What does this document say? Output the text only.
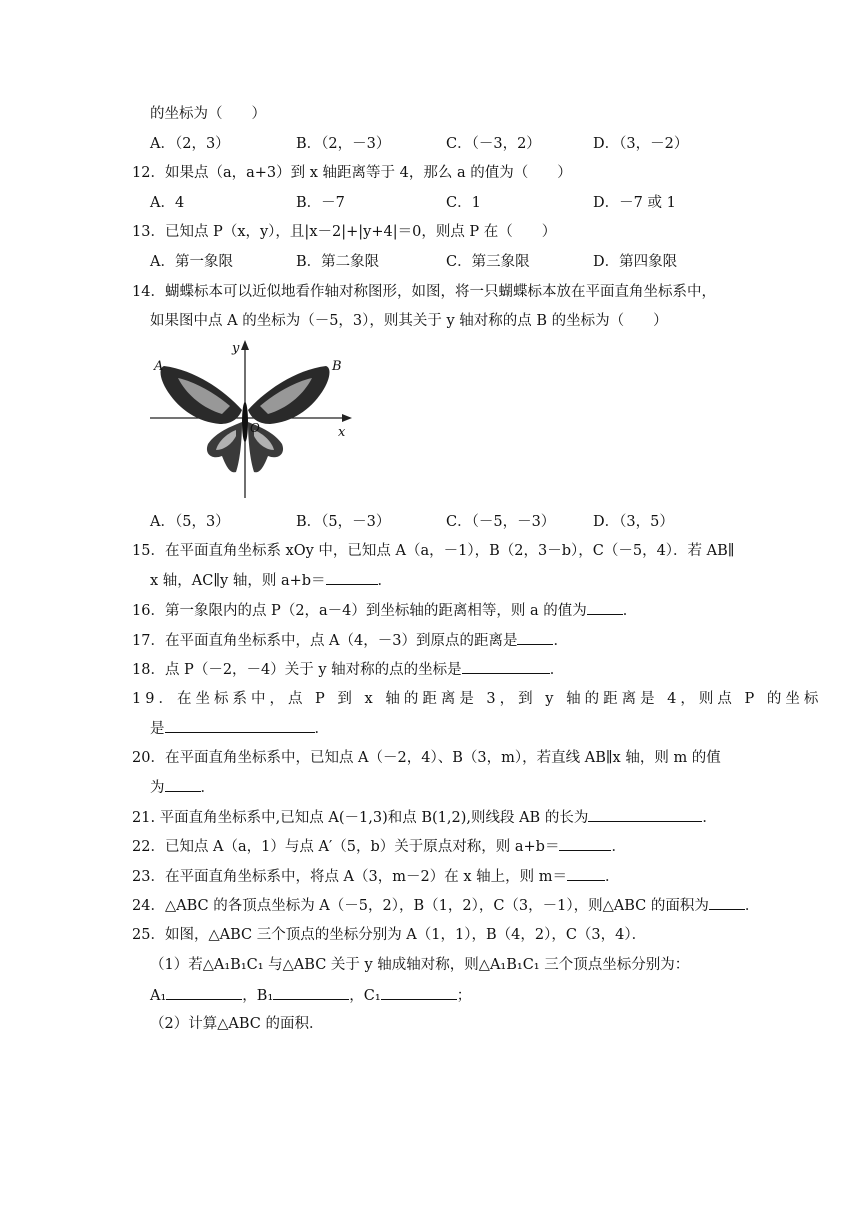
的坐标为（　　）
A．（2，3）	B．（2，－3）	C．（－3，2）	D．（3，－2）
12．如果点（a，a+3）到 x 轴距离等于 4，那么 a 的值为（　　）
A．4	B．－7	C．1	D．－7 或 1
13．已知点 P（x，y），且|x－2|+|y+4|＝0，则点 P 在（　　）
A．第一象限	B．第二象限	C．第三象限	D．第四象限
14．蝴蝶标本可以近似地看作轴对称图形，如图，将一只蝴蝶标本放在平面直角坐标系中，
如果图中点 A 的坐标为（－5，3），则其关于 y 轴对称的点 B 的坐标为（　　）
A	B
O	x
y
A．（5，3）	B．（5，－3）	C．（－5，－3）	D．（3，5）
15．在平面直角坐标系 xOy 中，已知点 A（a，－1），B（2，3－b），C（－5，4）．若 AB∥
x 轴，AC∥y 轴，则 a+b＝	．
16．第一象限内的点 P（2，a－4）到坐标轴的距离相等，则 a 的值为 ．
17．在平面直角坐标系中，点 A（4，－3）到原点的距离是 ．
18．点 P（－2，－4）关于 y 轴对称的点的坐标是	．
19．在坐标系中，点 P 到 x 轴的距离是 3，到 y 轴的距离是 4，则点 P 的坐标
是	．
20．在平面直角坐标系中，已知点 A（－2，4）、B（3，m），若直线 AB∥x 轴，则 m 的值
为 ．
21. 平面直角坐标系中,已知点 A(－1,3)和点 B(1,2),则线段 AB 的长为	．
22．已知点 A（a，1）与点 A′（5，b）关于原点对称，则 a+b＝	．
23．在平面直角坐标系中，将点 A（3，m－2）在 x 轴上，则 m＝	．
24．△ABC 的各顶点坐标为 A（－5，2），B（1，2），C（3，－1），则△ABC 的面积为 ．
25．如图，△ABC 三个顶点的坐标分别为 A（1，1），B（4，2），C（3，4）．
（1）若△A₁B₁C₁ 与△ABC 关于 y 轴成轴对称，则△A₁B₁C₁ 三个顶点坐标分别为：
A₁	，B₁	，C₁	；
（2）计算△ABC 的面积．
